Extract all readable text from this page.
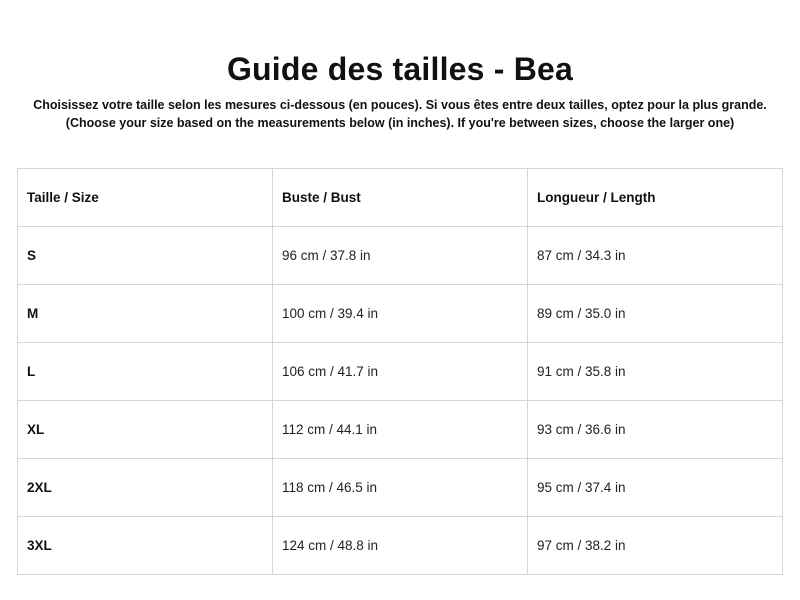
Guide des tailles - Bea
Choisissez votre taille selon les mesures ci-dessous (en pouces). Si vous êtes entre deux tailles, optez pour la plus grande.
(Choose your size based on the measurements below (in inches). If you're between sizes, choose the larger one)
Taille / Size	Buste / Bust	Longueur / Length
S	96 cm / 37.8 in	87 cm / 34.3 in
M	100 cm / 39.4 in	89 cm / 35.0 in
L	106 cm / 41.7 in	91 cm / 35.8 in
XL	112 cm / 44.1 in	93 cm / 36.6 in
2XL	118 cm / 46.5 in	95 cm / 37.4 in
3XL	124 cm / 48.8 in	97 cm / 38.2 in
